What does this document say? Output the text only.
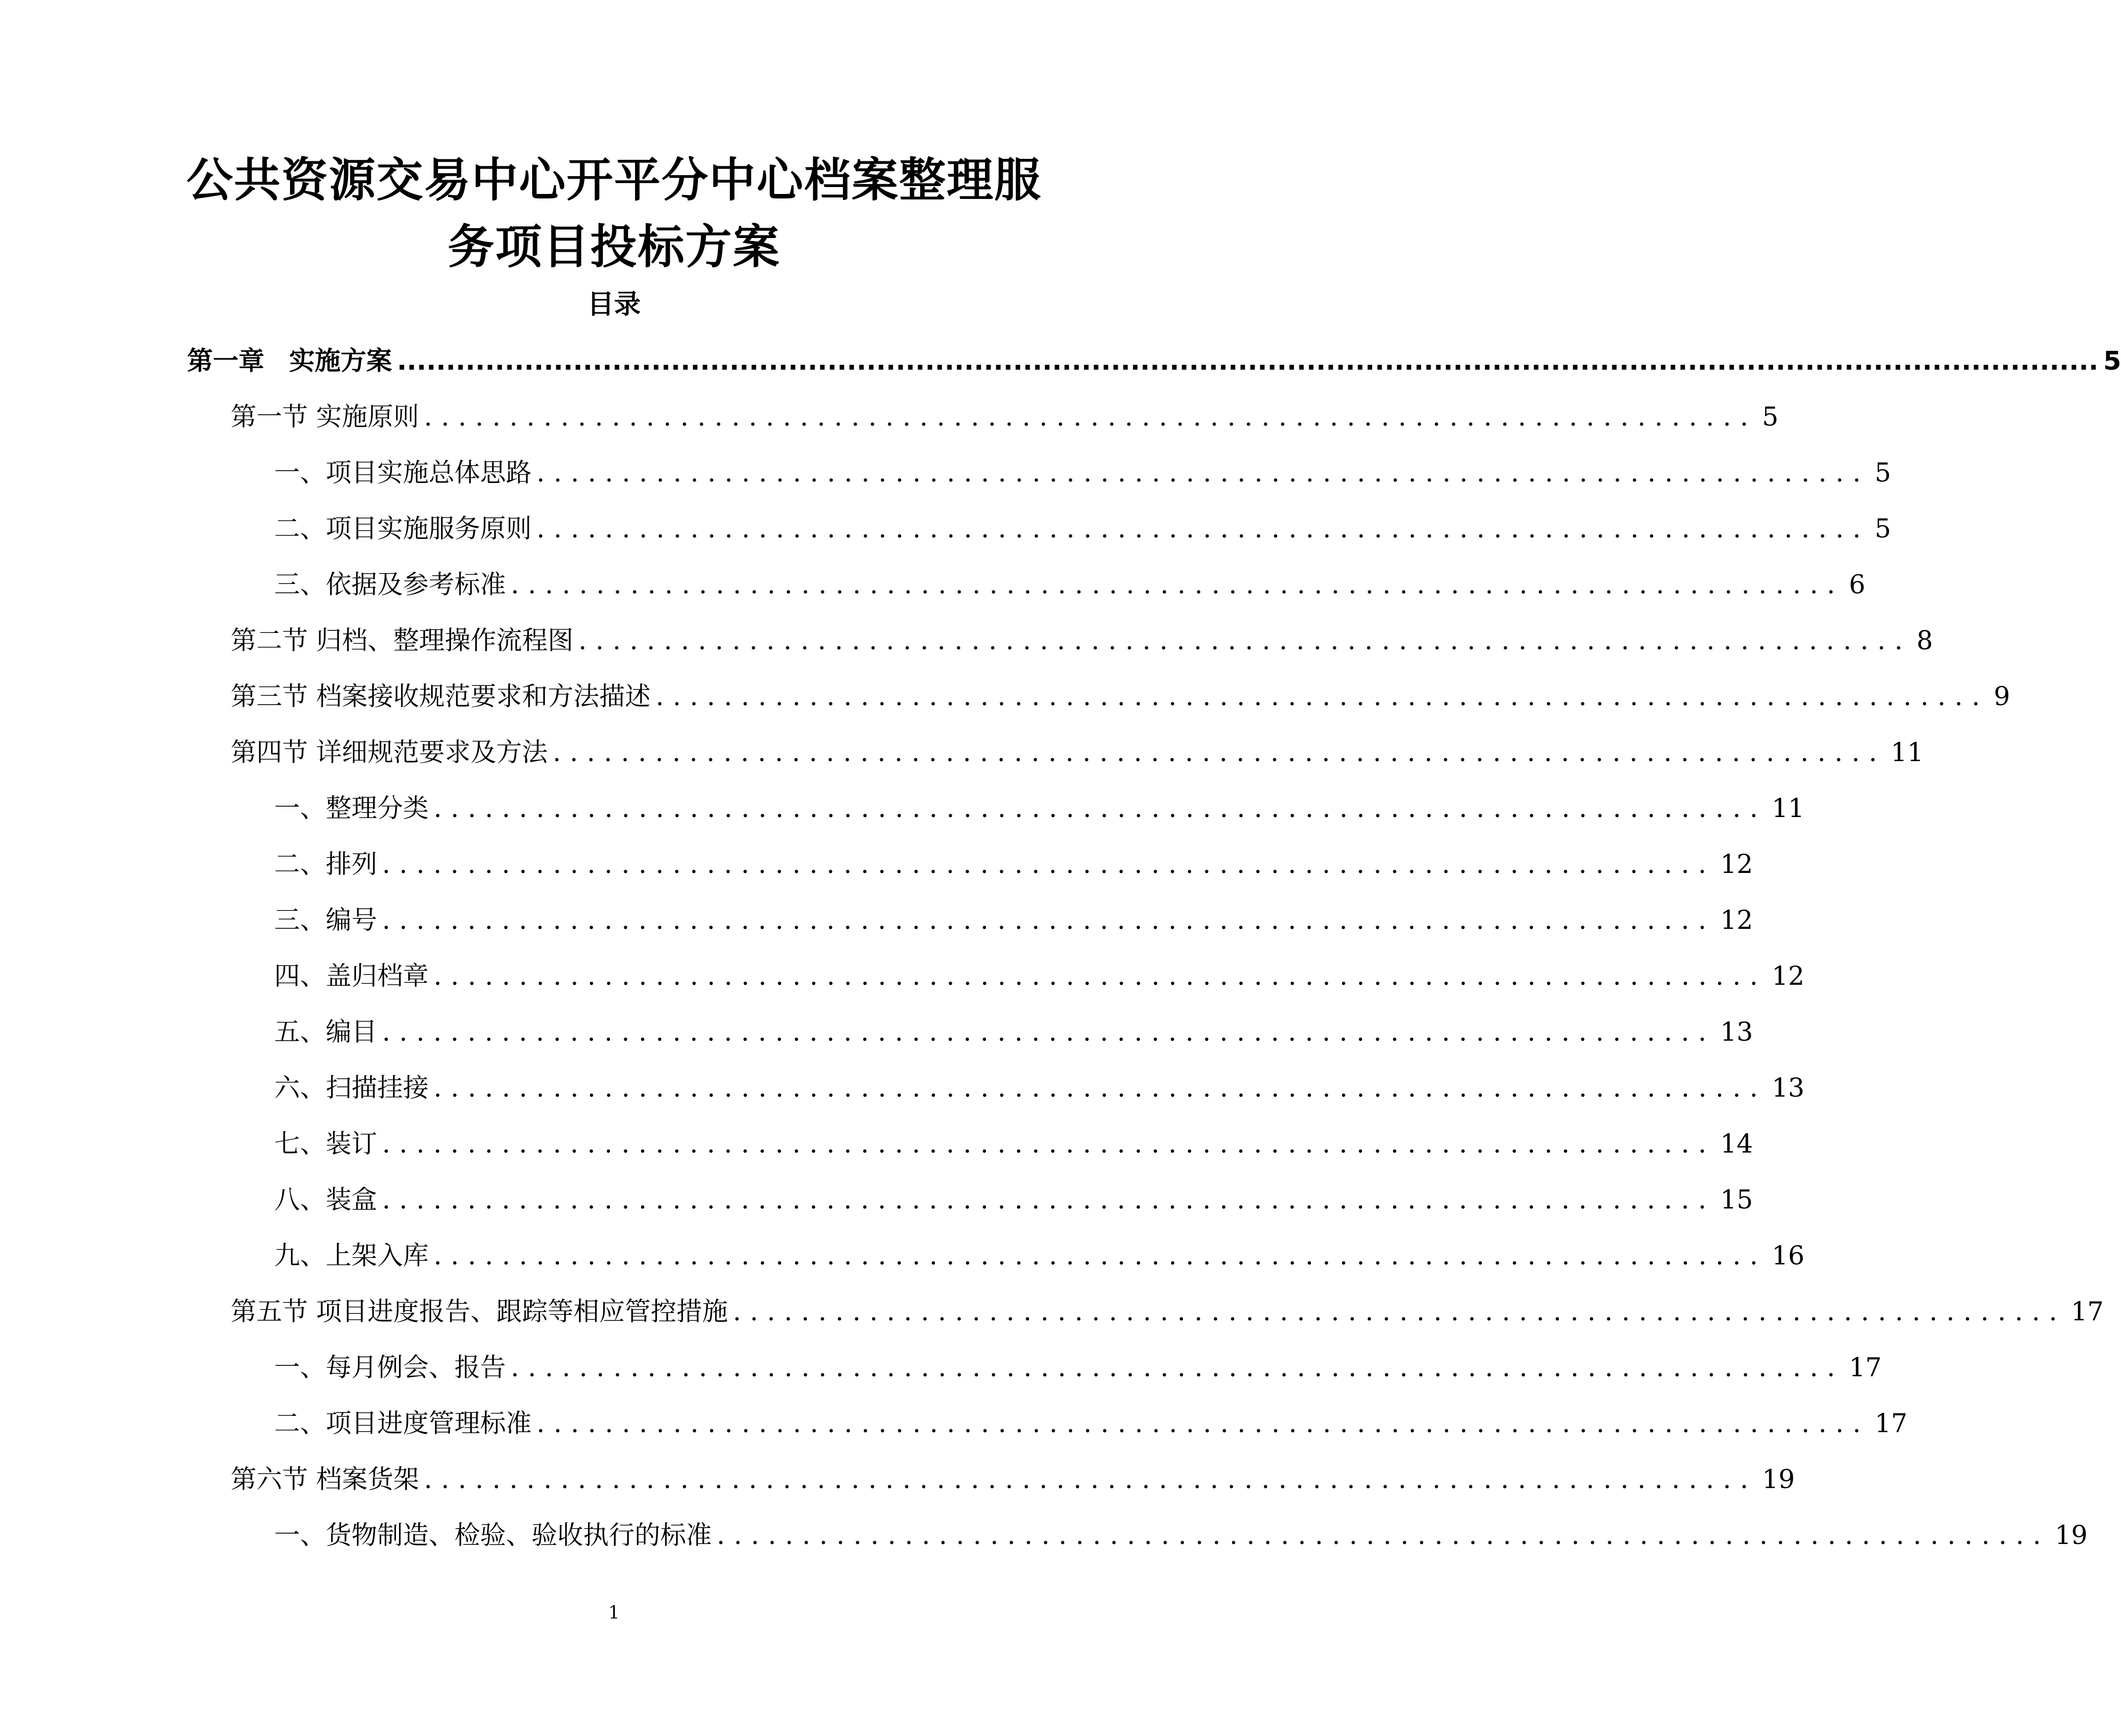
公共资源交易中心开平分中心档案整理服
务项目投标方案
目录
第一章 实施方案 .............................................................................................................................................................................. 5
第一节 实施原则 .............................................................................. 5
一、项目实施总体思路 .............................................................................. 5
二、项目实施服务原则 .............................................................................. 5
三、依据及参考标准 .............................................................................. 6
第二节 归档、整理操作流程图 .............................................................................. 8
第三节 档案接收规范要求和方法描述 .............................................................................. 9
第四节 详细规范要求及方法 .............................................................................. 11
一、整理分类 .............................................................................. 11
二、排列 .............................................................................. 12
三、编号 .............................................................................. 12
四、盖归档章 .............................................................................. 12
五、编目 .............................................................................. 13
六、扫描挂接 .............................................................................. 13
七、装订 .............................................................................. 14
八、装盒 .............................................................................. 15
九、上架入库 .............................................................................. 16
第五节 项目进度报告、跟踪等相应管控措施 .............................................................................. 17
一、每月例会、报告 .............................................................................. 17
二、项目进度管理标准 .............................................................................. 17
第六节 档案货架 .............................................................................. 19
一、货物制造、检验、验收执行的标准 .............................................................................. 19
1
